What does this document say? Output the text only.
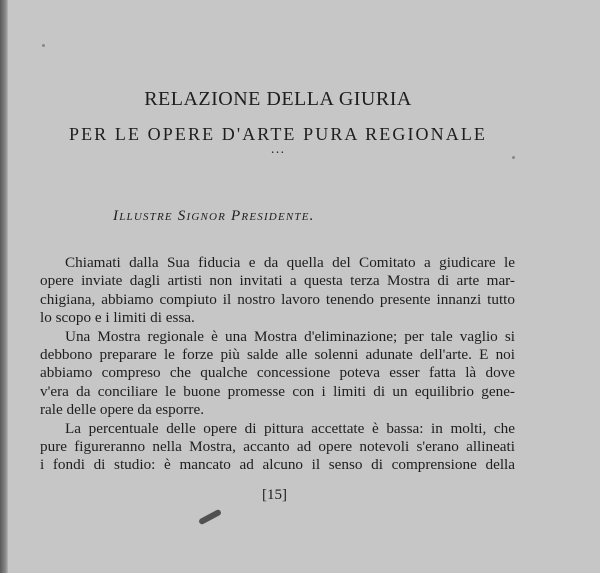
RELAZIONE DELLA GIURIA
PER LE OPERE D'ARTE PURA REGIONALE
...
Illustre Signor Presidente.
Chiamati dalla Sua fiducia e da quella del Comitato a giudicare le
opere inviate dagli artisti non invitati a questa terza Mostra di arte mar-
chigiana, abbiamo compiuto il nostro lavoro tenendo presente innanzi tutto
lo scopo e i limiti di essa.
Una Mostra regionale è una Mostra d'eliminazione; per tale vaglio si
debbono preparare le forze più salde alle solenni adunate dell'arte. E noi
abbiamo compreso che qualche concessione poteva esser fatta là dove
v'era da conciliare le buone promesse con i limiti di un equilibrio gene-
rale delle opere da esporre.
La percentuale delle opere di pittura accettate è bassa: in molti, che
pure figureranno nella Mostra, accanto ad opere notevoli s'erano allineati
i fondi di studio: è mancato ad alcuno il senso di comprensione della
[15]
